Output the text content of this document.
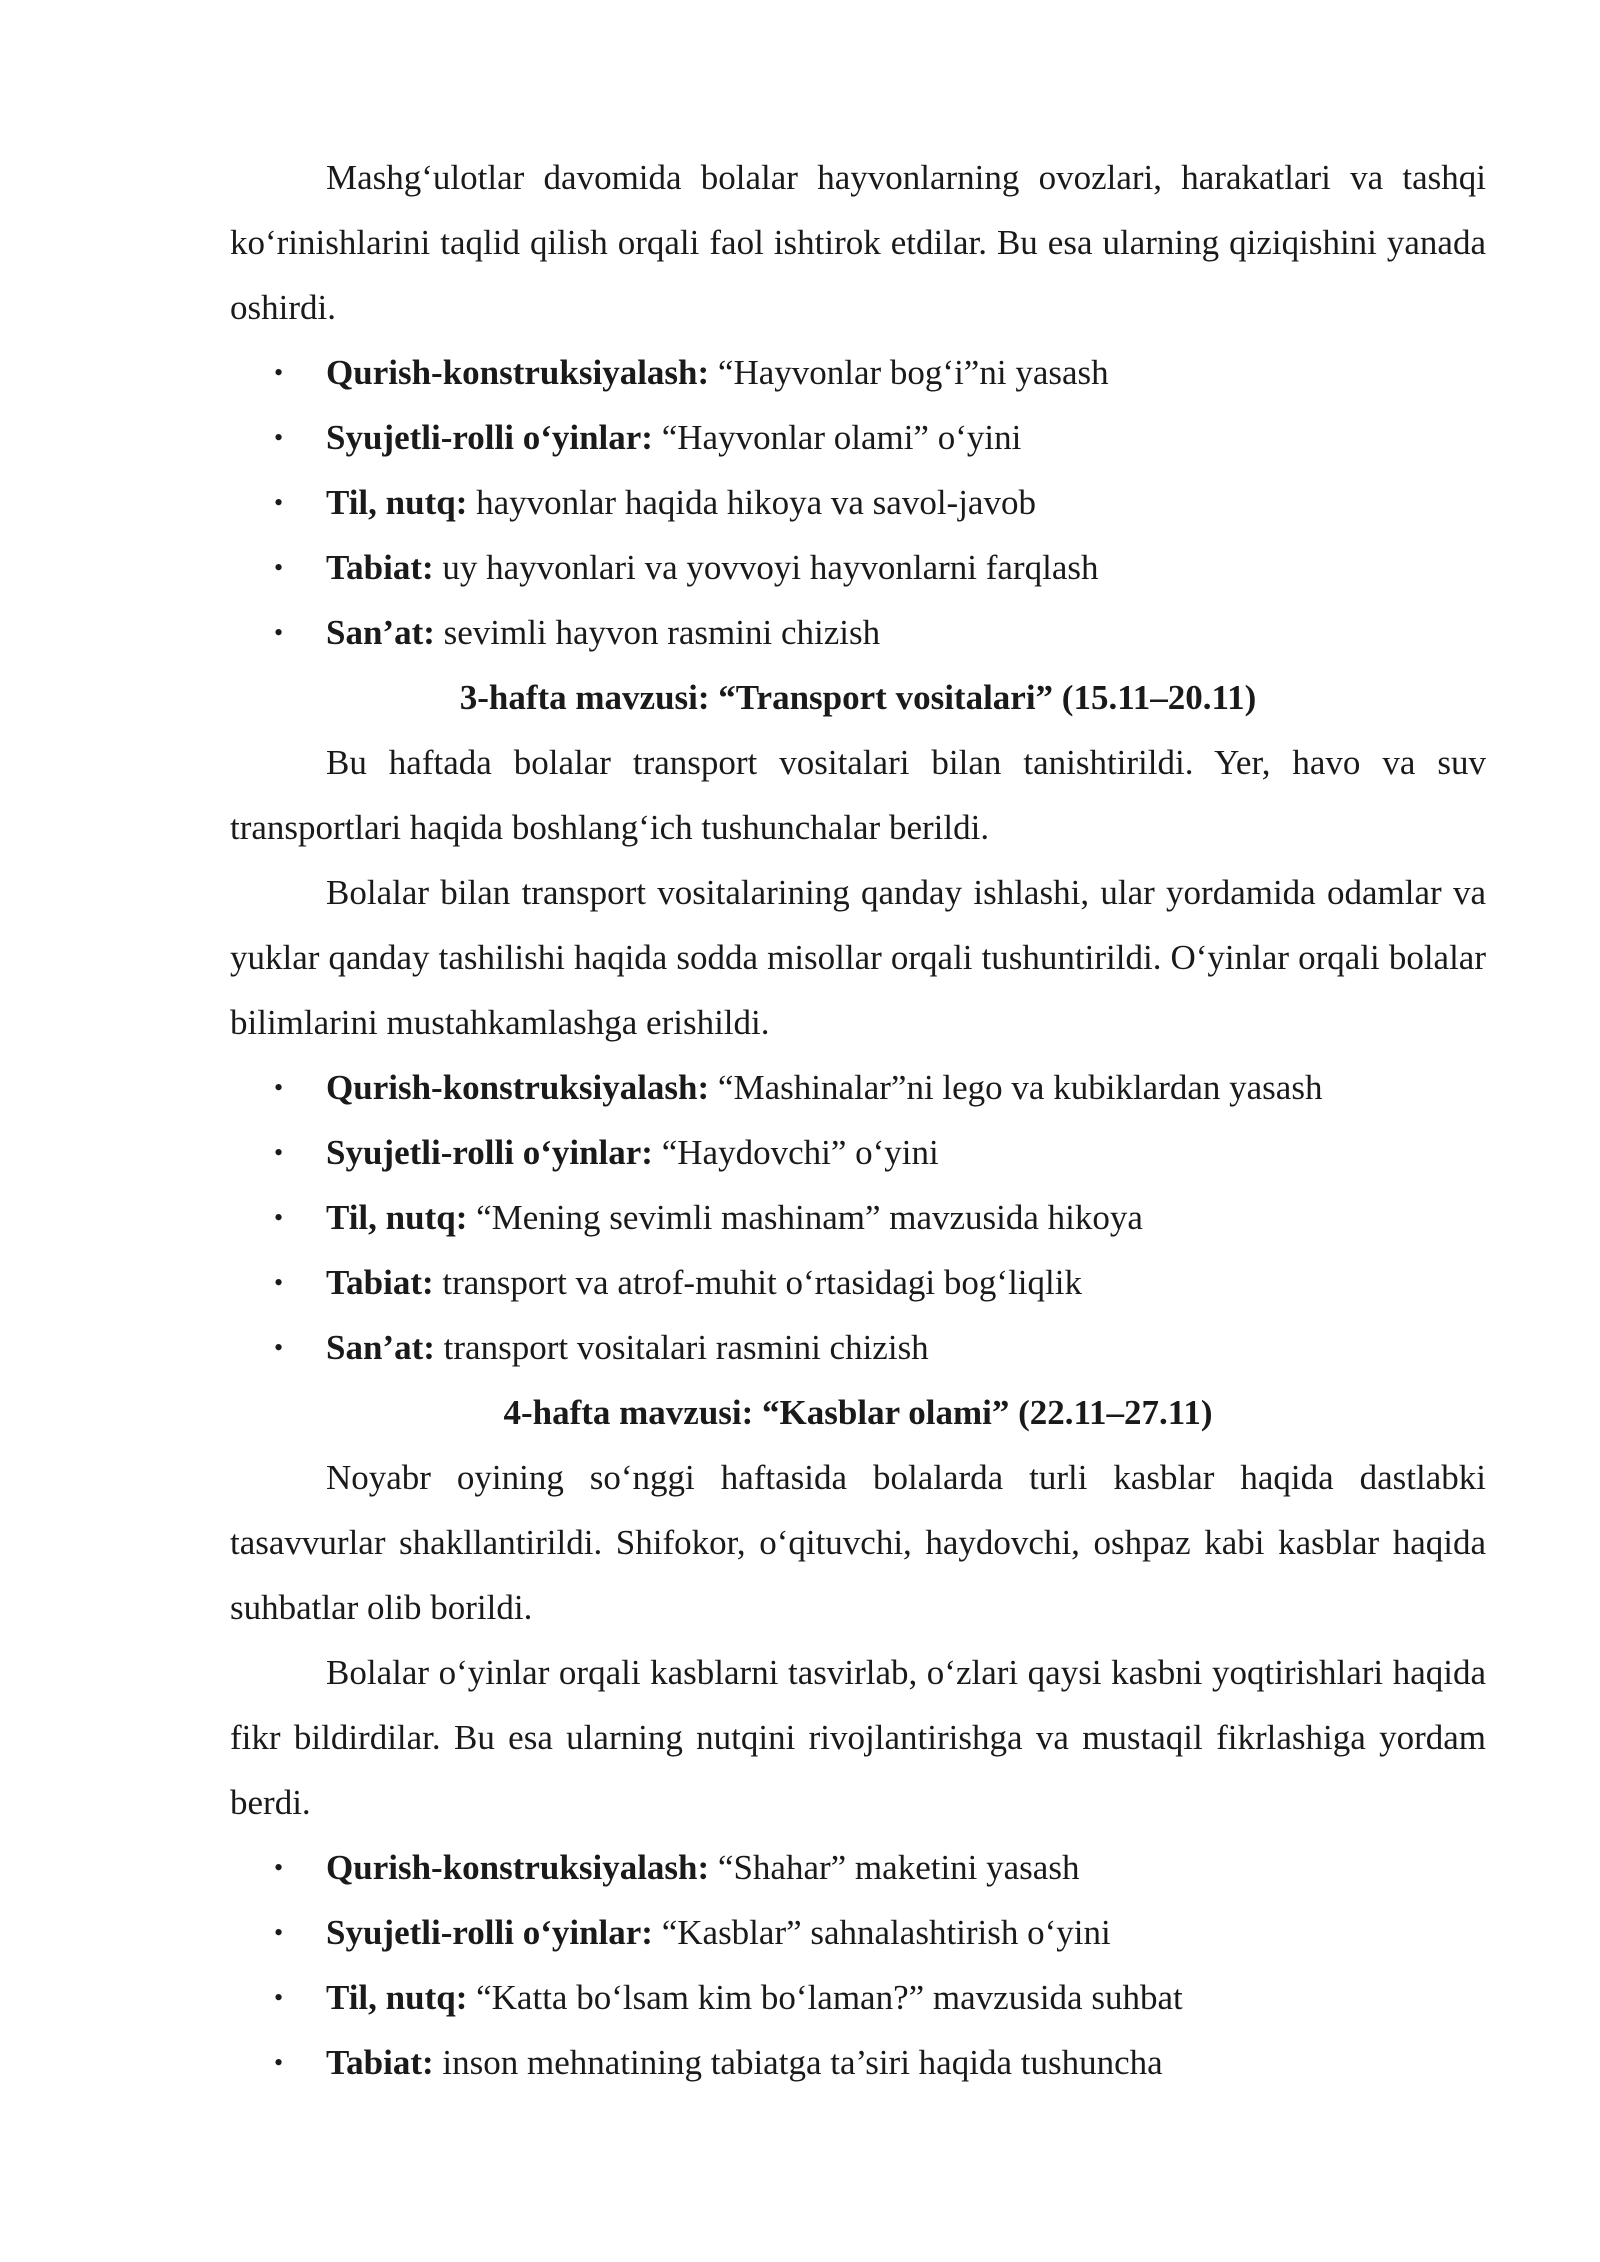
Mashg‘ulotlar davomida bolalar hayvonlarning ovozlari, harakatlari va tashqi ko‘rinishlarini taqlid qilish orqali faol ishtirok etdilar. Bu esa ularning qiziqishini yanada oshirdi.

• Qurish-konstruksiyalash: “Hayvonlar bog‘i”ni yasash
• Syujetli-rolli o‘yinlar: “Hayvonlar olami” o‘yini
• Til, nutq: hayvonlar haqida hikoya va savol-javob
• Tabiat: uy hayvonlari va yovvoyi hayvonlarni farqlash
• San’at: sevimli hayvon rasmini chizish
3-hafta mavzusi: “Transport vositalari” (15.11–20.11)

Bu haftada bolalar transport vositalari bilan tanishtirildi. Yer, havo va suv transportlari haqida boshlang‘ich tushunchalar berildi.

Bolalar bilan transport vositalarining qanday ishlashi, ular yordamida odamlar va yuklar qanday tashilishi haqida sodda misollar orqali tushuntirildi. O‘yinlar orqali bolalar bilimlarini mustahkamlashga erishildi.

• Qurish-konstruksiyalash: “Mashinalar”ni lego va kubiklardan yasash
• Syujetli-rolli o‘yinlar: “Haydovchi” o‘yini
• Til, nutq: “Mening sevimli mashinam” mavzusida hikoya
• Tabiat: transport va atrof-muhit o‘rtasidagi bog‘liqlik
• San’at: transport vositalari rasmini chizish
4-hafta mavzusi: “Kasblar olami” (22.11–27.11)

Noyabr oyining so‘nggi haftasida bolalarda turli kasblar haqida dastlabki tasavvurlar shakllantirildi. Shifokor, o‘qituvchi, haydovchi, oshpaz kabi kasblar haqida suhbatlar olib borildi.

Bolalar o‘yinlar orqali kasblarni tasvirlab, o‘zlari qaysi kasbni yoqtirishlari haqida fikr bildirdilar. Bu esa ularning nutqini rivojlantirishga va mustaqil fikrlashiga yordam berdi.

• Qurish-konstruksiyalash: “Shahar” maketini yasash
• Syujetli-rolli o‘yinlar: “Kasblar” sahnalashtirish o‘yini
• Til, nutq: “Katta bo‘lsam kim bo‘laman?” mavzusida suhbat
• Tabiat: inson mehnatining tabiatga ta’siri haqida tushuncha
